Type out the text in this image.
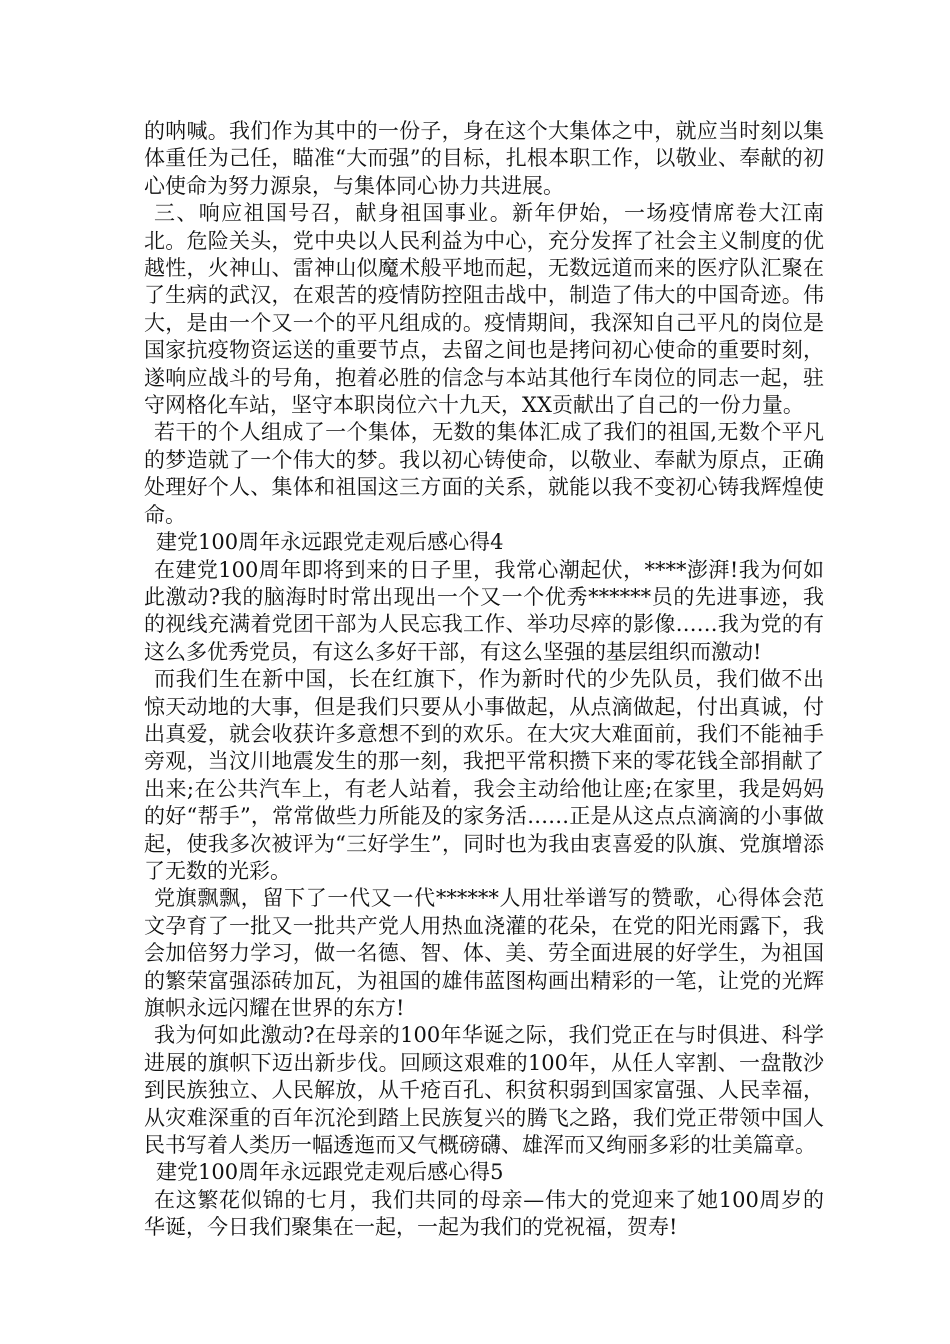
的呐喊。我们作为其中的一份子，身在这个大集体之中，就应当时刻以集体重任为己任，瞄准“大而强”的目标，扎根本职工作，以敬业、奉献的初心使命为努力源泉，与集体同心协力共进展。

三、响应祖国号召，献身祖国事业。新年伊始，一场疫情席卷大江南北。危险关头，党中央以人民利益为中心，充分发挥了社会主义制度的优越性，火神山、雷神山似魔术般平地而起，无数远道而来的医疗队汇聚在了生病的武汉，在艰苦的疫情防控阻击战中，制造了伟大的中国奇迹。伟大，是由一个又一个的平凡组成的。疫情期间，我深知自己平凡的岗位是国家抗疫物资运送的重要节点，去留之间也是拷问初心使命的重要时刻，遂响应战斗的号角，抱着必胜的信念与本站其他行车岗位的同志一起，驻守网格化车站，坚守本职岗位六十九天，XX贡献出了自己的一份力量。

若干的个人组成了一个集体，无数的集体汇成了我们的祖国,无数个平凡的梦造就了一个伟大的梦。我以初心铸使命，以敬业、奉献为原点，正确处理好个人、集体和祖国这三方面的关系，就能以我不变初心铸我辉煌使命。

建党100周年永远跟党走观后感心得4

在建党100周年即将到来的日子里，我常心潮起伏，****澎湃!我为何如此激动?我的脑海时时常出现出一个又一个优秀******员的先进事迹，我的视线充满着党团干部为人民忘我工作、举功尽瘁的影像……我为党的有这么多优秀党员，有这么多好干部，有这么坚强的基层组织而激动!

而我们生在新中国，长在红旗下，作为新时代的少先队员，我们做不出惊天动地的大事，但是我们只要从小事做起，从点滴做起，付出真诚，付出真爱，就会收获许多意想不到的欢乐。在大灾大难面前，我们不能袖手旁观，当汶川地震发生的那一刻，我把平常积攒下来的零花钱全部捐献了出来;在公共汽车上，有老人站着，我会主动给他让座;在家里，我是妈妈的好“帮手”，常常做些力所能及的家务活……正是从这点点滴滴的小事做起，使我多次被评为“三好学生”，同时也为我由衷喜爱的队旗、党旗增添了无数的光彩。

党旗飘飘，留下了一代又一代******人用壮举谱写的赞歌，心得体会范文孕育了一批又一批共产党人用热血浇灌的花朵，在党的阳光雨露下，我会加倍努力学习，做一名德、智、体、美、劳全面进展的好学生，为祖国的繁荣富强添砖加瓦，为祖国的雄伟蓝图构画出精彩的一笔，让党的光辉旗帜永远闪耀在世界的东方!

我为何如此激动?在母亲的100年华诞之际，我们党正在与时俱进、科学进展的旗帜下迈出新步伐。回顾这艰难的100年，从任人宰割、一盘散沙到民族独立、人民解放，从千疮百孔、积贫积弱到国家富强、人民幸福，从灾难深重的百年沉沦到踏上民族复兴的腾飞之路，我们党正带领中国人民书写着人类历一幅透迤而又气概磅礴、雄浑而又绚丽多彩的壮美篇章。

建党100周年永远跟党走观后感心得5

在这繁花似锦的七月，我们共同的母亲—伟大的党迎来了她100周岁的华诞，今日我们聚集在一起，一起为我们的党祝福，贺寿!
